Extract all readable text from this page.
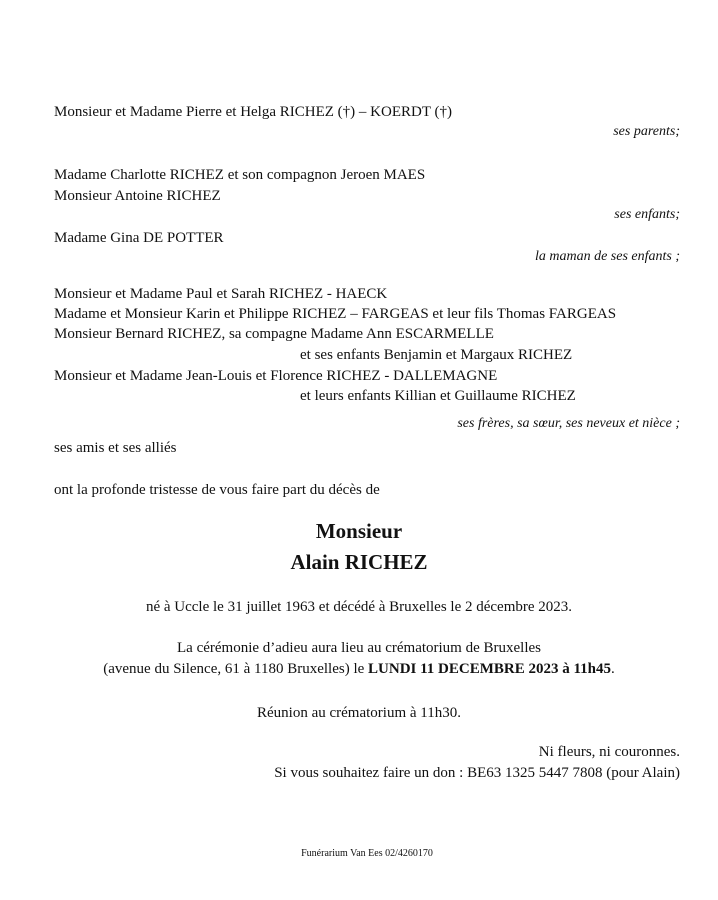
Monsieur et Madame Pierre et Helga RICHEZ (†) – KOERDT (†)
ses parents;
Madame Charlotte RICHEZ et son compagnon Jeroen MAES
Monsieur Antoine RICHEZ
ses enfants;
Madame Gina DE POTTER
la maman de ses enfants ;
Monsieur et Madame Paul et Sarah RICHEZ - HAECK
Madame et Monsieur Karin et Philippe RICHEZ – FARGEAS et leur fils Thomas FARGEAS
Monsieur Bernard RICHEZ, sa compagne Madame Ann ESCARMELLE
et ses enfants Benjamin et Margaux RICHEZ
Monsieur et Madame Jean-Louis et Florence RICHEZ - DALLEMAGNE
et leurs enfants Killian et Guillaume RICHEZ
ses frères, sa sœur, ses neveux et nièce ;
ses amis et ses alliés
ont la profonde tristesse de vous faire part du décès de
Monsieur
Alain RICHEZ
né à Uccle le 31 juillet 1963 et décédé à Bruxelles le 2 décembre 2023.
La cérémonie d’adieu aura lieu au crématorium de Bruxelles
(avenue du Silence, 61 à 1180 Bruxelles) le LUNDI 11 DECEMBRE 2023 à 11h45.
Réunion au crématorium à 11h30.
Ni fleurs, ni couronnes.
Si vous souhaitez faire un don : BE63 1325 5447 7808 (pour Alain)
Funérarium Van Ees 02/4260170
